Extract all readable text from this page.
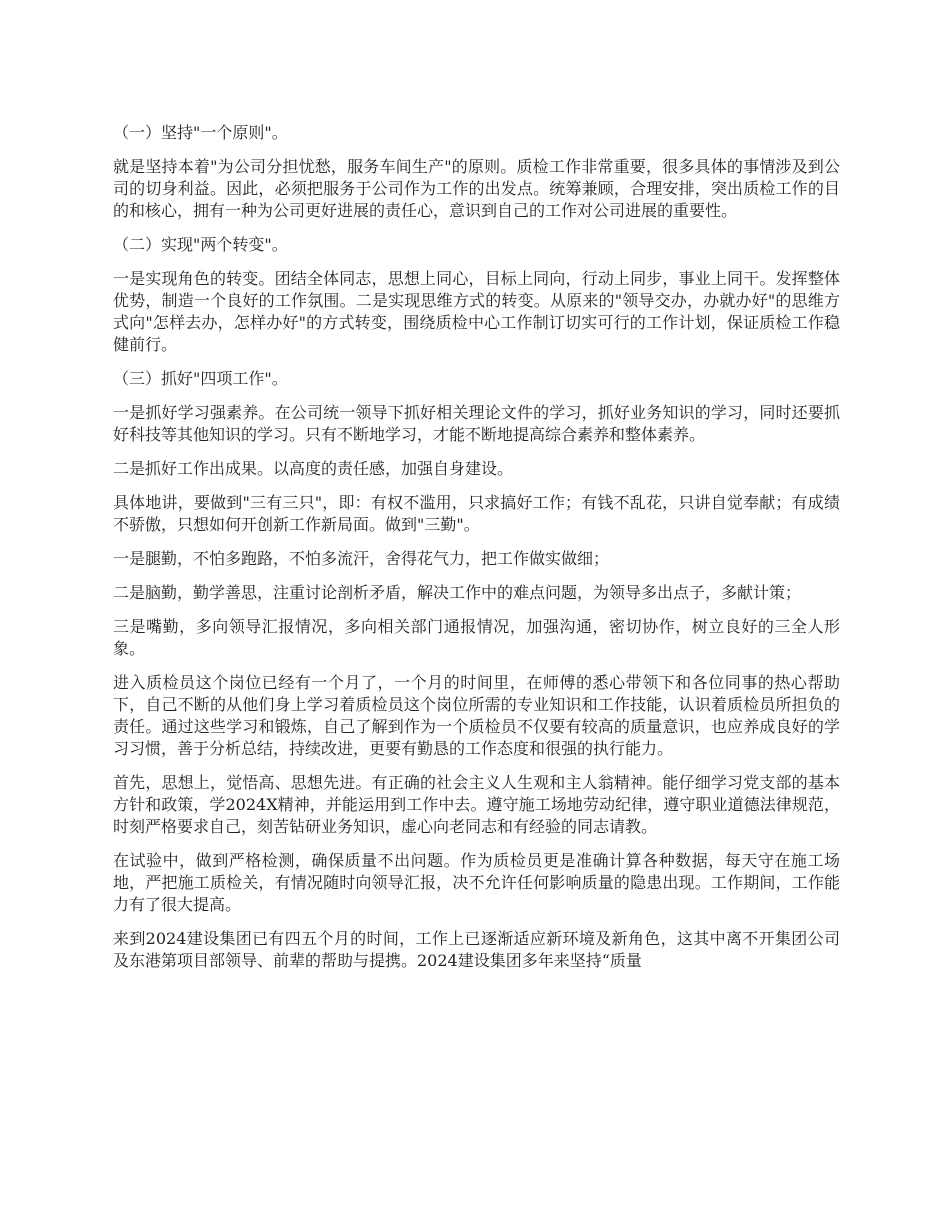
（一）坚持"一个原则"。

就是坚持本着"为公司分担忧愁，服务车间生产"的原则。质检工作非常重要，很多具体的事情涉及到公司的切身利益。因此，必须把服务于公司作为工作的出发点。统筹兼顾，合理安排，突出质检工作的目的和核心，拥有一种为公司更好进展的责任心，意识到自己的工作对公司进展的重要性。

（二）实现"两个转变"。

一是实现角色的转变。团结全体同志，思想上同心，目标上同向，行动上同步，事业上同干。发挥整体优势，制造一个良好的工作氛围。二是实现思维方式的转变。从原来的"领导交办，办就办好"的思维方式向"怎样去办，怎样办好"的方式转变，围绕质检中心工作制订切实可行的工作计划，保证质检工作稳健前行。

（三）抓好"四项工作"。

一是抓好学习强素养。在公司统一领导下抓好相关理论文件的学习，抓好业务知识的学习，同时还要抓好科技等其他知识的学习。只有不断地学习，才能不断地提高综合素养和整体素养。

二是抓好工作出成果。以高度的责任感，加强自身建设。

具体地讲，要做到"三有三只"，即：有权不滥用，只求搞好工作；有钱不乱花，只讲自觉奉献；有成绩不骄傲，只想如何开创新工作新局面。做到"三勤"。

一是腿勤，不怕多跑路，不怕多流汗，舍得花气力，把工作做实做细；

二是脑勤，勤学善思，注重讨论剖析矛盾，解决工作中的难点问题，为领导多出点子，多献计策；

三是嘴勤，多向领导汇报情况，多向相关部门通报情况，加强沟通，密切协作，树立良好的三全人形象。

进入质检员这个岗位已经有一个月了，一个月的时间里，在师傅的悉心带领下和各位同事的热心帮助下，自己不断的从他们身上学习着质检员这个岗位所需的专业知识和工作技能，认识着质检员所担负的责任。通过这些学习和锻炼，自己了解到作为一个质检员不仅要有较高的质量意识，也应养成良好的学习习惯，善于分析总结，持续改进，更要有勤恳的工作态度和很强的执行能力。

首先，思想上，觉悟高、思想先进。有正确的社会主义人生观和主人翁精神。能仔细学习党支部的基本方针和政策，学2024X精神，并能运用到工作中去。遵守施工场地劳动纪律，遵守职业道德法律规范，时刻严格要求自己，刻苦钻研业务知识，虚心向老同志和有经验的同志请教。

在试验中，做到严格检测，确保质量不出问题。作为质检员更是准确计算各种数据，每天守在施工场地，严把施工质检关，有情况随时向领导汇报，决不允许任何影响质量的隐患出现。工作期间，工作能力有了很大提高。

来到2024建设集团已有四五个月的时间，工作上已逐渐适应新环境及新角色，这其中离不开集团公司及东港第项目部领导、前辈的帮助与提携。2024建设集团多年来坚持“质量
